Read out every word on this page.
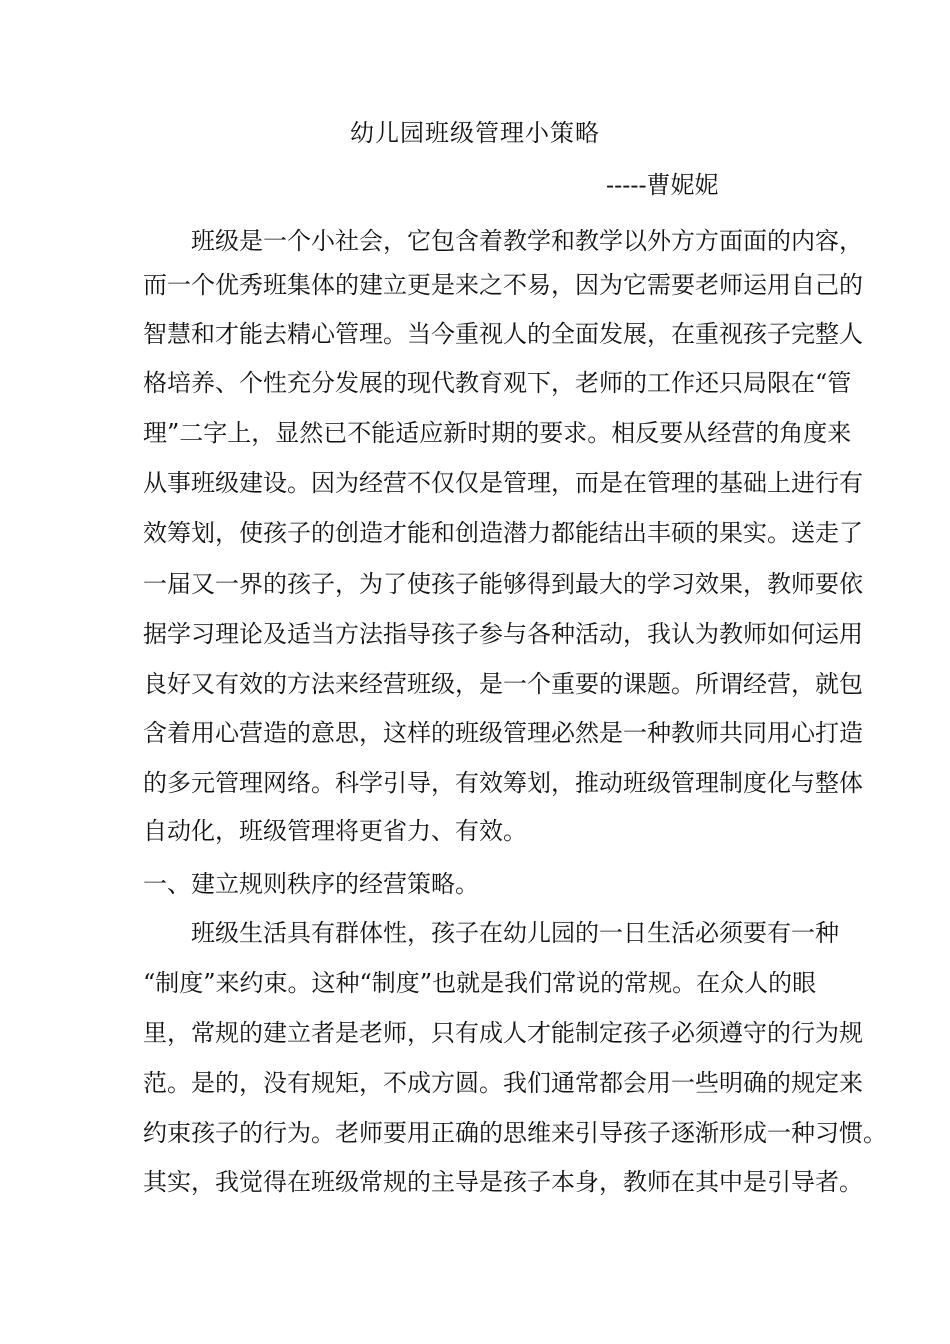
幼儿园班级管理小策略
-----曹妮妮
班级是一个小社会，它包含着教学和教学以外方方面面的内容，
而一个优秀班集体的建立更是来之不易，因为它需要老师运用自己的
智慧和才能去精心管理。当今重视人的全面发展，在重视孩子完整人
格培养、个性充分发展的现代教育观下，老师的工作还只局限在“管
理”二字上，显然已不能适应新时期的要求。相反要从经营的角度来
从事班级建设。因为经营不仅仅是管理，而是在管理的基础上进行有
效筹划，使孩子的创造才能和创造潜力都能结出丰硕的果实。送走了
一届又一界的孩子，为了使孩子能够得到最大的学习效果，教师要依
据学习理论及适当方法指导孩子参与各种活动，我认为教师如何运用
良好又有效的方法来经营班级，是一个重要的课题。所谓经营，就包
含着用心营造的意思，这样的班级管理必然是一种教师共同用心打造
的多元管理网络。科学引导，有效筹划，推动班级管理制度化与整体
自动化，班级管理将更省力、有效。
一、建立规则秩序的经营策略。
班级生活具有群体性，孩子在幼儿园的一日生活必须要有一种
“制度”来约束。这种“制度”也就是我们常说的常规。在众人的眼
里，常规的建立者是老师，只有成人才能制定孩子必须遵守的行为规
范。是的，没有规矩，不成方圆。我们通常都会用一些明确的规定来
约束孩子的行为。老师要用正确的思维来引导孩子逐渐形成一种习惯。
其实，我觉得在班级常规的主导是孩子本身，教师在其中是引导者。
